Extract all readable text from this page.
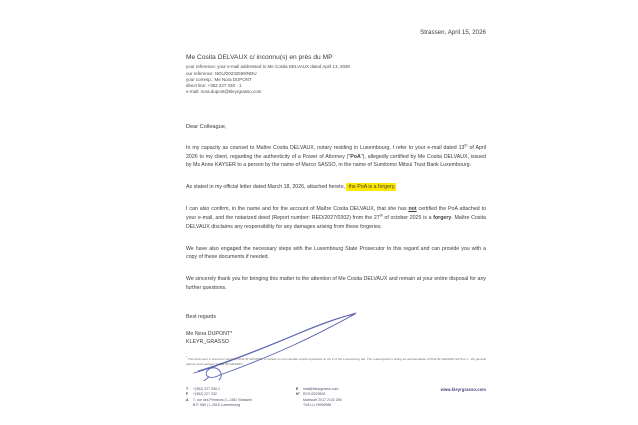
Strassen, April 15, 2026
Me Cosita DELVAUX c/ inconnu(s) en prés du MP
your reference: your e-mail addressed to Me Cosita DELVAUX dated April 13, 2026
our reference: NDU/20232599/NDU
your corresp.: Me Nora DUPONT
direct line: +352 227 330 - 1
e-mail: nora.dupont@kleyrgrasso.com
Dear Colleague,

In my capacity as counsel to Maître Cosita DELVAUX, notary residing in Luxembourg, I refer to your e-mail dated 13th of April 2026 to my client, regarding the authenticity of a Power of Attorney ("PoA"), allegedly certified by Me Cosita DELVAUX, issued by Ms Anne KAYSER to a person by the name of Marco SASSO, in the name of Sumitomo Mitsui Trust Bank Luxembourg.

As stated in my official letter dated March 18, 2026, attached hereto, the PoA is a forgery.

I can also confirm, in the name and for the account of Maître Cosita DELVAUX, that she has not certified the PoA attached to your e-mail, and the notarized deed (Report number: RED/2027/0302) from the 27th of october 2025 is a forgery. Maître Cosita DELVAUX disclaims any responsibility for any damages arising from these forgeries.

We have also engaged the necessary steps with the Luxembourg State Prosecutor to this regard and can provide you with a copy of these documents if needed.

We sincerely thank you for bringing this matter to the attention of Me Cosita DELVAUX and remain at your entire disposal for any further questions.

Best regards
Me Nora DUPONT*
KLEYR_GRASSO
* This document is issued on behalf of KLEYR GRASSO, a société en commandite simple registered on list V of the Luxembourg bar. The undersigned is acting as representative of KLEYR GRASSO GP S.à r.l., the general partner and manager of KLEYR GRASSO.
T	+(352) 227 330-1
F	+(352) 227 332
A	7, rue des Primeurs | L-2361 Strassen
B.P. 559 | L-2015 Luxembourg
E	mail@kleyrgrasso.com
N° RCS B220509
Matricule 2017 2102 256
TVA LU 29909555
www.kleyrgrasso.com
